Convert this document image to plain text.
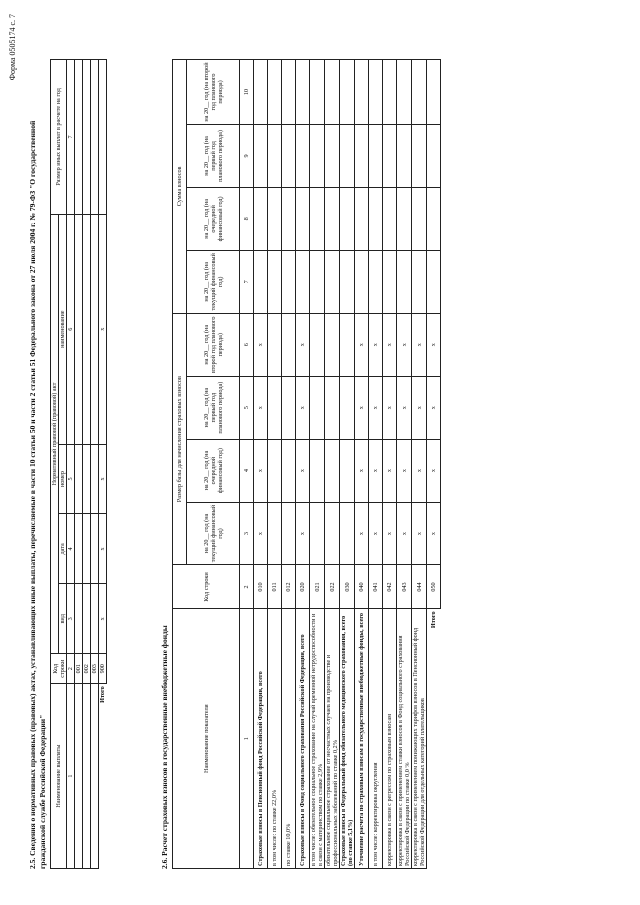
Форма 0505174 с. 7
2.5. Сведения о нормативных правовых (правовых) актах, устанавливающих иные выплаты, перечисляемые в части 10 статьи 50 и части 2 статьи 51 Федерального закона от 27 июля 2004 г. № 79-ФЗ "О государственной гражданской службе Российской Федерации" Наименование выплаты	Код строки	Нормативный правовой (правовой) акт				Размер иных выплат в расчете на год
		вид	дата	номер	наименование	
1	2	3	4	5	6	7
	001					
	002					
	003					
Итого	900	x	x	x	x	
2.6. Расчет страховых взносов в государственные внебюджетные фонды	Наименование показателя	Код строки	Размер базы для начисления страховых взносов				Сумма взносов			
		на 20__ год (на текущий финансовый год)	на 20__ год (на очередной финансовый год)	на 20__ год (на первый год планового периода)	на 20__ год (на второй год планового периода)	на 20__ год (на текущий финансовый год)	на 20__ год (на очередной финансовый год)	на 20__ год (на первый год планового периода)	на 20__ год (на второй год планового периода)
1	2	3	4	5	6	7	8	9	10
Страховые взносы в Пенсионный фонд Российской Федерации, всего	010	x	x	x	x				
в том числе: по ставке 22,0%	011								
по ставке 10,0%	012								
Страховые взносы в Фонд социального страхования Российской Федерации, всего	020	x	x	x	x				
в том числе: обязательное социальное страхование на случай временной нетрудоспособности и в связи с материнством по ставке 2,9%	021								
обязательное социальное страхование от несчастных случаев на производстве и профессиональных заболеваний по ставке 0,2%	022								
Страховые взносы в Федеральный фонд обязательного медицинского страхования, всего (по ставке 5,1%)	030								
Уточнение расчета по страховым взносам в государственные внебюджетные фонды, всего	040	x	x	x	x				
в том числе: корректировка округления	041	x	x	x	x				
корректировка в связи с регрессом по страховым взносам	042	x	x	x	x				
корректировка в связи с применением ставки взносов в Фонд социального страхования Российской Федерации по ставке 0,0 %	043	x	x	x	x				
корректировка в связи с применением понижающих тарифов взносов в Пенсионный фонд Российской Федерации для отдельных категорий плательщиков	044	x	x	x	x				
Итого	050	x	x	x	x				
